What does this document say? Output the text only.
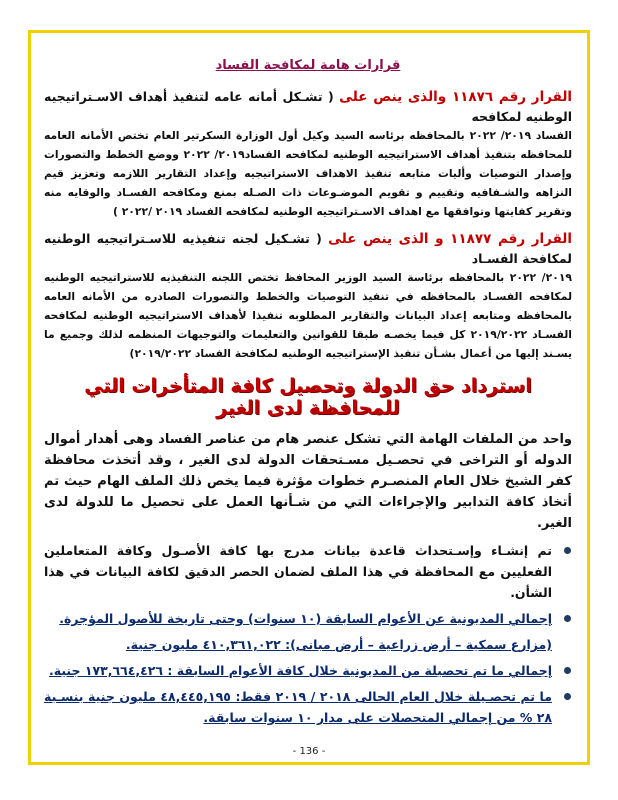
قرارات هامة لمكافحة الفساد
القرار رقم ١١٨٧٦ والذى ينص على ( تشـكل أمانه عامه لتنفيذ أهداف الاسـتراتيجيه الوطنيه لمكافحه
الفساد ٢٠١٩/ ٢٠٢٢ بالمحافظه برئاسه السيد وكيل أول الوزارة السكرتير العام تختص الأمانه العامه للمحافظه بتنفيذ أهداف الاستراتيجيه الوطنيه لمكافحه الفساد٢٠١٩/ ٢٠٢٢ ووضع الخطط والتصورات وإصدار التوصيات وأليات متابعه تنفيذ الاهداف الاستراتيجيه وإعداد التقارير اللازمه وتعزيز قيم النزاهه والشـفافيه وتقييم و تقويم الموضـوعات ذات الصـله بمنع ومكافحه الفسـاد والوقايه منه وتقرير كفايتها وتوافقها مع اهداف الاسـتراتيجيه الوطنيه لمكافحه الفساد ٢٠١٩ /٢٠٢٢ )
القرار رقم ١١٨٧٧ و الذى ينص على ( تشـكيل لجنه تنفيذيه للاسـتراتيجيه الوطنيه لمكافحة الفسـاد
٢٠١٩/ ٢٠٢٢ بالمحافظه برئاسة السيد الوزير المحافظ تختص اللجنه التنفيذيه للاستراتيجيه الوطنيه لمكافحه الفسـاد بالمحافظه في تنفيذ التوصيات والخطط والتصورات الصادره من الأمانه العامه بالمحافظه ومتابعه إعداد البيانات والتقارير المطلوبه تنفيذا لأهداف الاستراتيجيه الوطنيه لمكافحه الفسـاد ٢٠١٩/٢٠٢٢ كل فيما يخصـه طبقا للقوانين والتعليمات والتوجيهات المنظمه لذلك وجميع ما يسـند إليها من أعمال بشـأن تنفيذ الإستراتيجيه الوطنيه لمكافحة الفساد ٢٠١٩/٢٠٢٢)
استرداد حق الدولة وتحصيل كافة المتأخرات التي للمحافظة لدى الغير
واحد من الملفات الهامة التي تشكل عنصر هام من عناصر الفساد وهى أهدار أموال الدوله أو التراخى في تحصـيل مسـتحقات الدولة لدى الغير ، وقد أتخذت محافظة كفر الشيخ خلال العام المنصـرم خطوات مؤثرة فيما يخص ذلك الملف الهام حيث تم أتخاذ كافة التدابير والإجراءات التي من شـأنها العمل على تحصيل ما للدولة لدى الغير.
تم إنشـاء وإسـتحداث قاعدة بيانات مدرج بها كافة الأصـول وكافة المتعاملين الفعليين مع المحافظة في هذا الملف لضمان الحصر الدقيق لكافة البيانات في هذا الشأن.
إجمالي المديونية عن الأعوام السابقة (١٠ سنوات) وحتى تاريخة للأصول المؤجرة.
(مزارع سمكية – أرض زراعية – أرض مبانى): ٤١٠,٣٦١,٠٢٢ مليون جنية.
إجمالي ما تم تحصيلة من المديونية خلال كافة الأعوام السابقة : ١٧٣,٦٦٤,٤٢٦ جنية.
ما تم تحصـيلة خلال العام الحالى ٢٠١٨ / ٢٠١٩ فقط: ٤٨,٤٤٥,١٩٥ مليون جنية بنسـبة ٢٨ % من إجمالي المتحصلات على مدار ١٠ سنوات سابقة.
- 136 -
